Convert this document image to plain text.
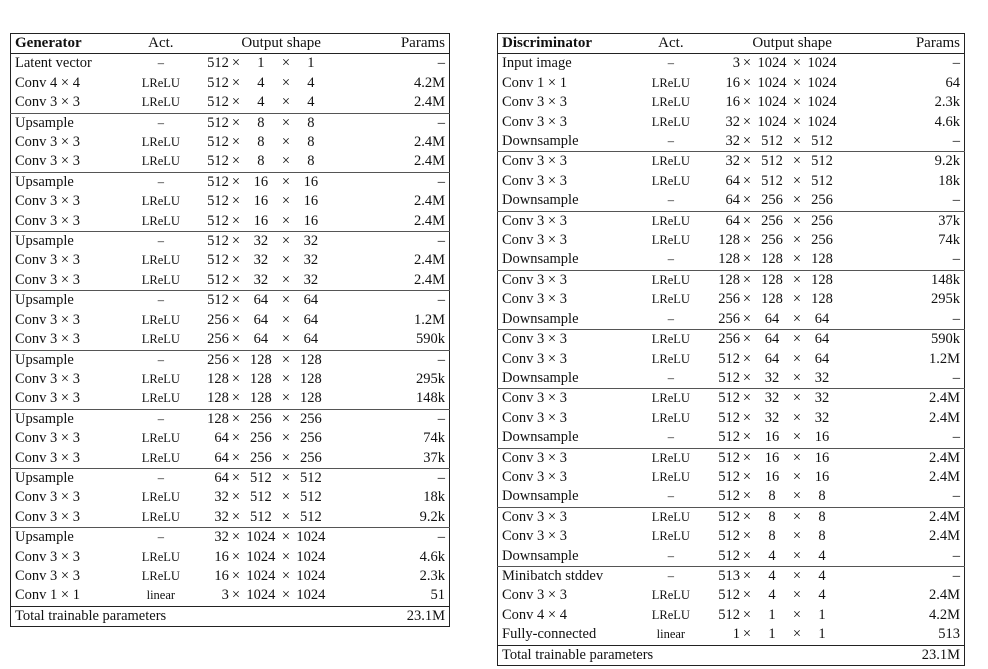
Generator	Act.	Output shape	Params
Latent vector	–	512 × 1 × 1	–
Conv 4 × 4	LReLU	512 × 4 × 4	4.2M
Conv 3 × 3	LReLU	512 × 4 × 4	2.4M
Upsample	–	512 × 8 × 8	–
Conv 3 × 3	LReLU	512 × 8 × 8	2.4M
Conv 3 × 3	LReLU	512 × 8 × 8	2.4M
Upsample	–	512 × 16 × 16	–
Conv 3 × 3	LReLU	512 × 16 × 16	2.4M
Conv 3 × 3	LReLU	512 × 16 × 16	2.4M
Upsample	–	512 × 32 × 32	–
Conv 3 × 3	LReLU	512 × 32 × 32	2.4M
Conv 3 × 3	LReLU	512 × 32 × 32	2.4M
Upsample	–	512 × 64 × 64	–
Conv 3 × 3	LReLU	256 × 64 × 64	1.2M
Conv 3 × 3	LReLU	256 × 64 × 64	590k
Upsample	–	256 × 128 × 128	–
Conv 3 × 3	LReLU	128 × 128 × 128	295k
Conv 3 × 3	LReLU	128 × 128 × 128	148k
Upsample	–	128 × 256 × 256	–
Conv 3 × 3	LReLU	64 × 256 × 256	74k
Conv 3 × 3	LReLU	64 × 256 × 256	37k
Upsample	–	64 × 512 × 512	–
Conv 3 × 3	LReLU	32 × 512 × 512	18k
Conv 3 × 3	LReLU	32 × 512 × 512	9.2k
Upsample	–	32 × 1024 × 1024	–
Conv 3 × 3	LReLU	16 × 1024 × 1024	4.6k
Conv 3 × 3	LReLU	16 × 1024 × 1024	2.3k
Conv 1 × 1	linear	3 × 1024 × 1024	51
Total trainable parameters			23.1M
Discriminator	Act.	Output shape	Params
Input image	–	3 × 1024 × 1024	–
Conv 1 × 1	LReLU	16 × 1024 × 1024	64
Conv 3 × 3	LReLU	16 × 1024 × 1024	2.3k
Conv 3 × 3	LReLU	32 × 1024 × 1024	4.6k
Downsample	–	32 × 512 × 512	–
Conv 3 × 3	LReLU	32 × 512 × 512	9.2k
Conv 3 × 3	LReLU	64 × 512 × 512	18k
Downsample	–	64 × 256 × 256	–
Conv 3 × 3	LReLU	64 × 256 × 256	37k
Conv 3 × 3	LReLU	128 × 256 × 256	74k
Downsample	–	128 × 128 × 128	–
Conv 3 × 3	LReLU	128 × 128 × 128	148k
Conv 3 × 3	LReLU	256 × 128 × 128	295k
Downsample	–	256 × 64 × 64	–
Conv 3 × 3	LReLU	256 × 64 × 64	590k
Conv 3 × 3	LReLU	512 × 64 × 64	1.2M
Downsample	–	512 × 32 × 32	–
Conv 3 × 3	LReLU	512 × 32 × 32	2.4M
Conv 3 × 3	LReLU	512 × 32 × 32	2.4M
Downsample	–	512 × 16 × 16	–
Conv 3 × 3	LReLU	512 × 16 × 16	2.4M
Conv 3 × 3	LReLU	512 × 16 × 16	2.4M
Downsample	–	512 × 8 × 8	–
Conv 3 × 3	LReLU	512 × 8 × 8	2.4M
Conv 3 × 3	LReLU	512 × 8 × 8	2.4M
Downsample	–	512 × 4 × 4	–
Minibatch stddev	–	513 × 4 × 4	–
Conv 3 × 3	LReLU	512 × 4 × 4	2.4M
Conv 4 × 4	LReLU	512 × 1 × 1	4.2M
Fully-connected	linear	1 × 1 × 1	513
Total trainable parameters			23.1M
